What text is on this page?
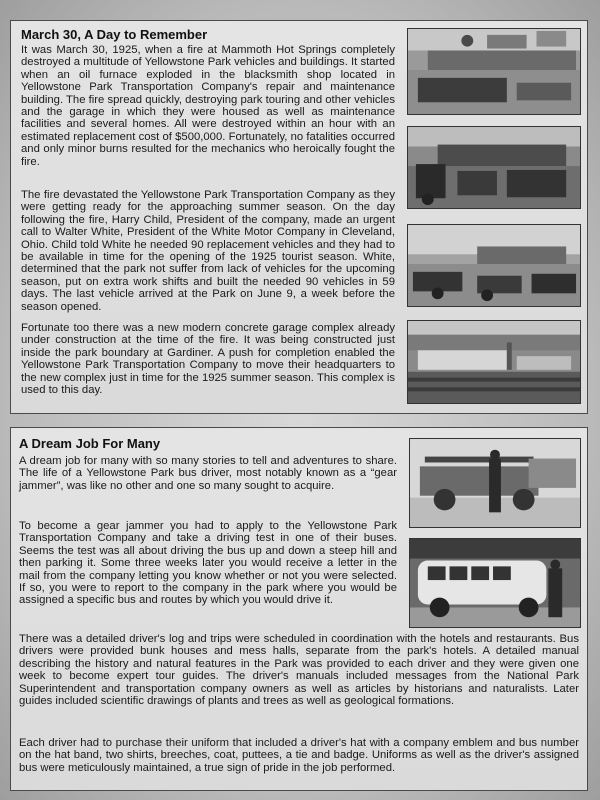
March 30, A Day to Remember

It was March 30, 1925, when a fire at Mammoth Hot Springs completely destroyed a multitude of Yellowstone Park vehicles and buildings. It started when an oil furnace exploded in the blacksmith shop located in Yellowstone Park Transportation Company's repair and maintenance building. The fire spread quickly, destroying park touring and other vehicles and the garage in which they were housed as well as maintenance facilities and several homes. All were destroyed within an hour with an estimated replacement cost of $500,000. Fortunately, no fatalities occurred and only minor burns resulted for the mechanics who heroically fought the fire.

The fire devastated the Yellowstone Park Transportation Company as they were getting ready for the approaching summer season. On the day following the fire, Harry Child, President of the company, made an urgent call to Walter White, President of the White Motor Company in Cleveland, Ohio. Child told White he needed 90 replacement vehicles and they had to be available in time for the opening of the 1925 tourist season. White, determined that the park not suffer from lack of vehicles for the upcoming season, put on extra work shifts and built the needed 90 vehicles in 59 days. The last vehicle arrived at the Park on June 9, a week before the season opened.

Fortunate too there was a new modern concrete garage complex already under construction at the time of the fire. It was being constructed just inside the park boundary at Gardiner. A push for completion enabled the Yellowstone Park Transportation Company to move their headquarters to the new complex just in time for the 1925 summer season. This complex is used to this day.

A Dream Job For Many

A dream job for many with so many stories to tell and adventures to share. The life of a Yellowstone Park bus driver, most notably known as a “gear jammer”, was like no other and one so many sought to acquire.

To become a gear jammer you had to apply to the Yellowstone Park Transportation Company and take a driving test in one of their buses. Seems the test was all about driving the bus up and down a steep hill and then parking it. Some three weeks later you would receive a letter in the mail from the company letting you know whether or not you were selected. If so, you were to report to the company in the park where you would be assigned a specific bus and routes by which you would drive it.

There was a detailed driver's log and trips were scheduled in coordination with the hotels and restaurants. Bus drivers were provided bunk houses and mess halls, separate from the park's hotels. A detailed manual describing the history and natural features in the Park was provided to each driver and they were given one week to become expert tour guides. The driver's manuals included messages from the National Park Superintendent and transportation company owners as well as articles by historians and naturalists. Later guides included scientific drawings of plants and trees as well as geological formations.

Each driver had to purchase their uniform that included a driver's hat with a company emblem and bus number on the hat band, two shirts, breeches, coat, puttees, a tie and badge. Uniforms as well as the driver's assigned bus were meticulously maintained, a true sign of pride in the job performed.
